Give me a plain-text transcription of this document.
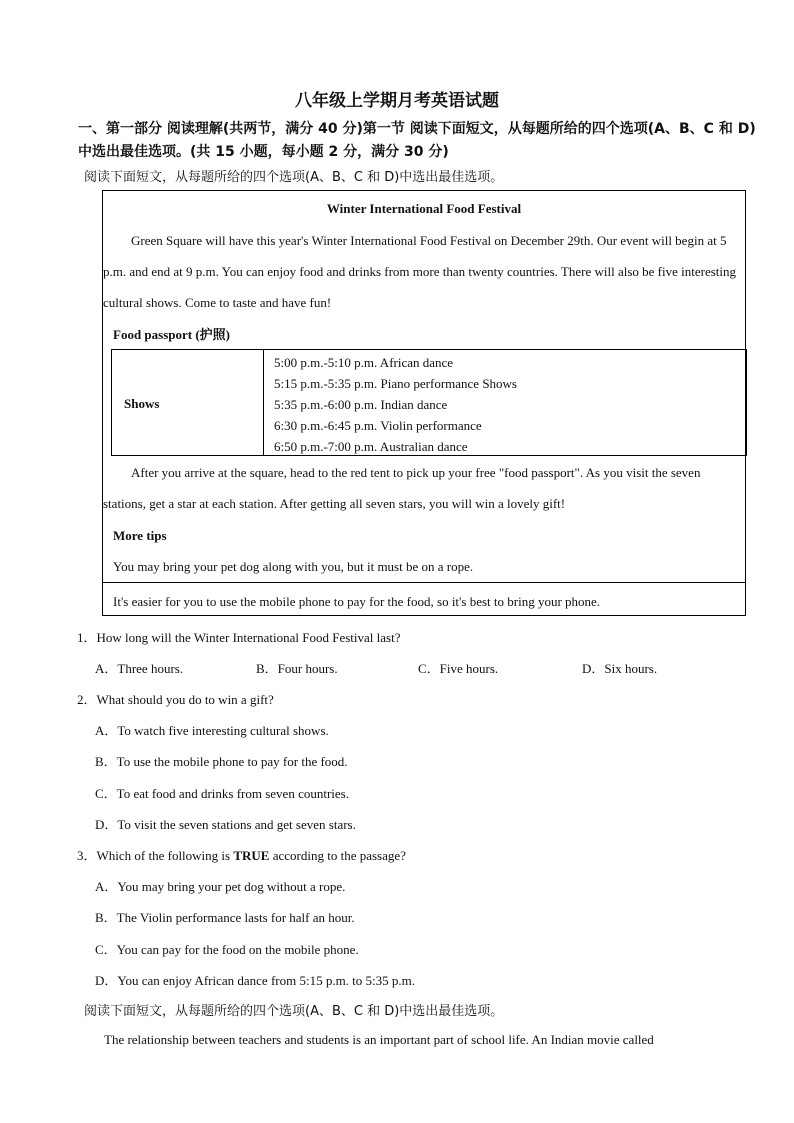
八年级上学期月考英语试题
一、第一部分 阅读理解(共两节，满分 40 分)第一节 阅读下面短文，从每题所给的四个选项(A、B、C 和 D)中选出最佳选项。(共 15 小题，每小题 2 分，满分 30 分)
阅读下面短文，从每题所给的四个选项(A、B、C 和 D)中选出最佳选项。
Winter International Food Festival
Green Square will have this year's Winter International Food Festival on December 29th. Our event will begin at 5 p.m. and end at 9 p.m. You can enjoy food and drinks from more than twenty countries. There will also be five interesting cultural shows. Come to taste and have fun!
Food passport (护照)
Shows
5:00 p.m.-5:10 p.m. African dance
5:15 p.m.-5:35 p.m. Piano performance Shows
5:35 p.m.-6:00 p.m. Indian dance
6:30 p.m.-6:45 p.m. Violin performance
6:50 p.m.-7:00 p.m. Australian dance
After you arrive at the square, head to the red tent to pick up your free "food passport". As you visit the seven stations, get a star at each station. After getting all seven stars, you will win a lovely gift!
More tips
You may bring your pet dog along with you, but it must be on a rope.
It's easier for you to use the mobile phone to pay for the food, so it's best to bring your phone.
1．How long will the Winter International Food Festival last?
A．Three hours.	B．Four hours.	C．Five hours.	D．Six hours.
2．What should you do to win a gift?
A．To watch five interesting cultural shows.
B．To use the mobile phone to pay for the food.
C．To eat food and drinks from seven countries.
D．To visit the seven stations and get seven stars.
3．Which of the following is TRUE according to the passage?
A．You may bring your pet dog without a rope.
B．The Violin performance lasts for half an hour.
C．You can pay for the food on the mobile phone.
D．You can enjoy African dance from 5:15 p.m. to 5:35 p.m.
阅读下面短文，从每题所给的四个选项(A、B、C 和 D)中选出最佳选项。
The relationship between teachers and students is an important part of school life. An Indian movie called
